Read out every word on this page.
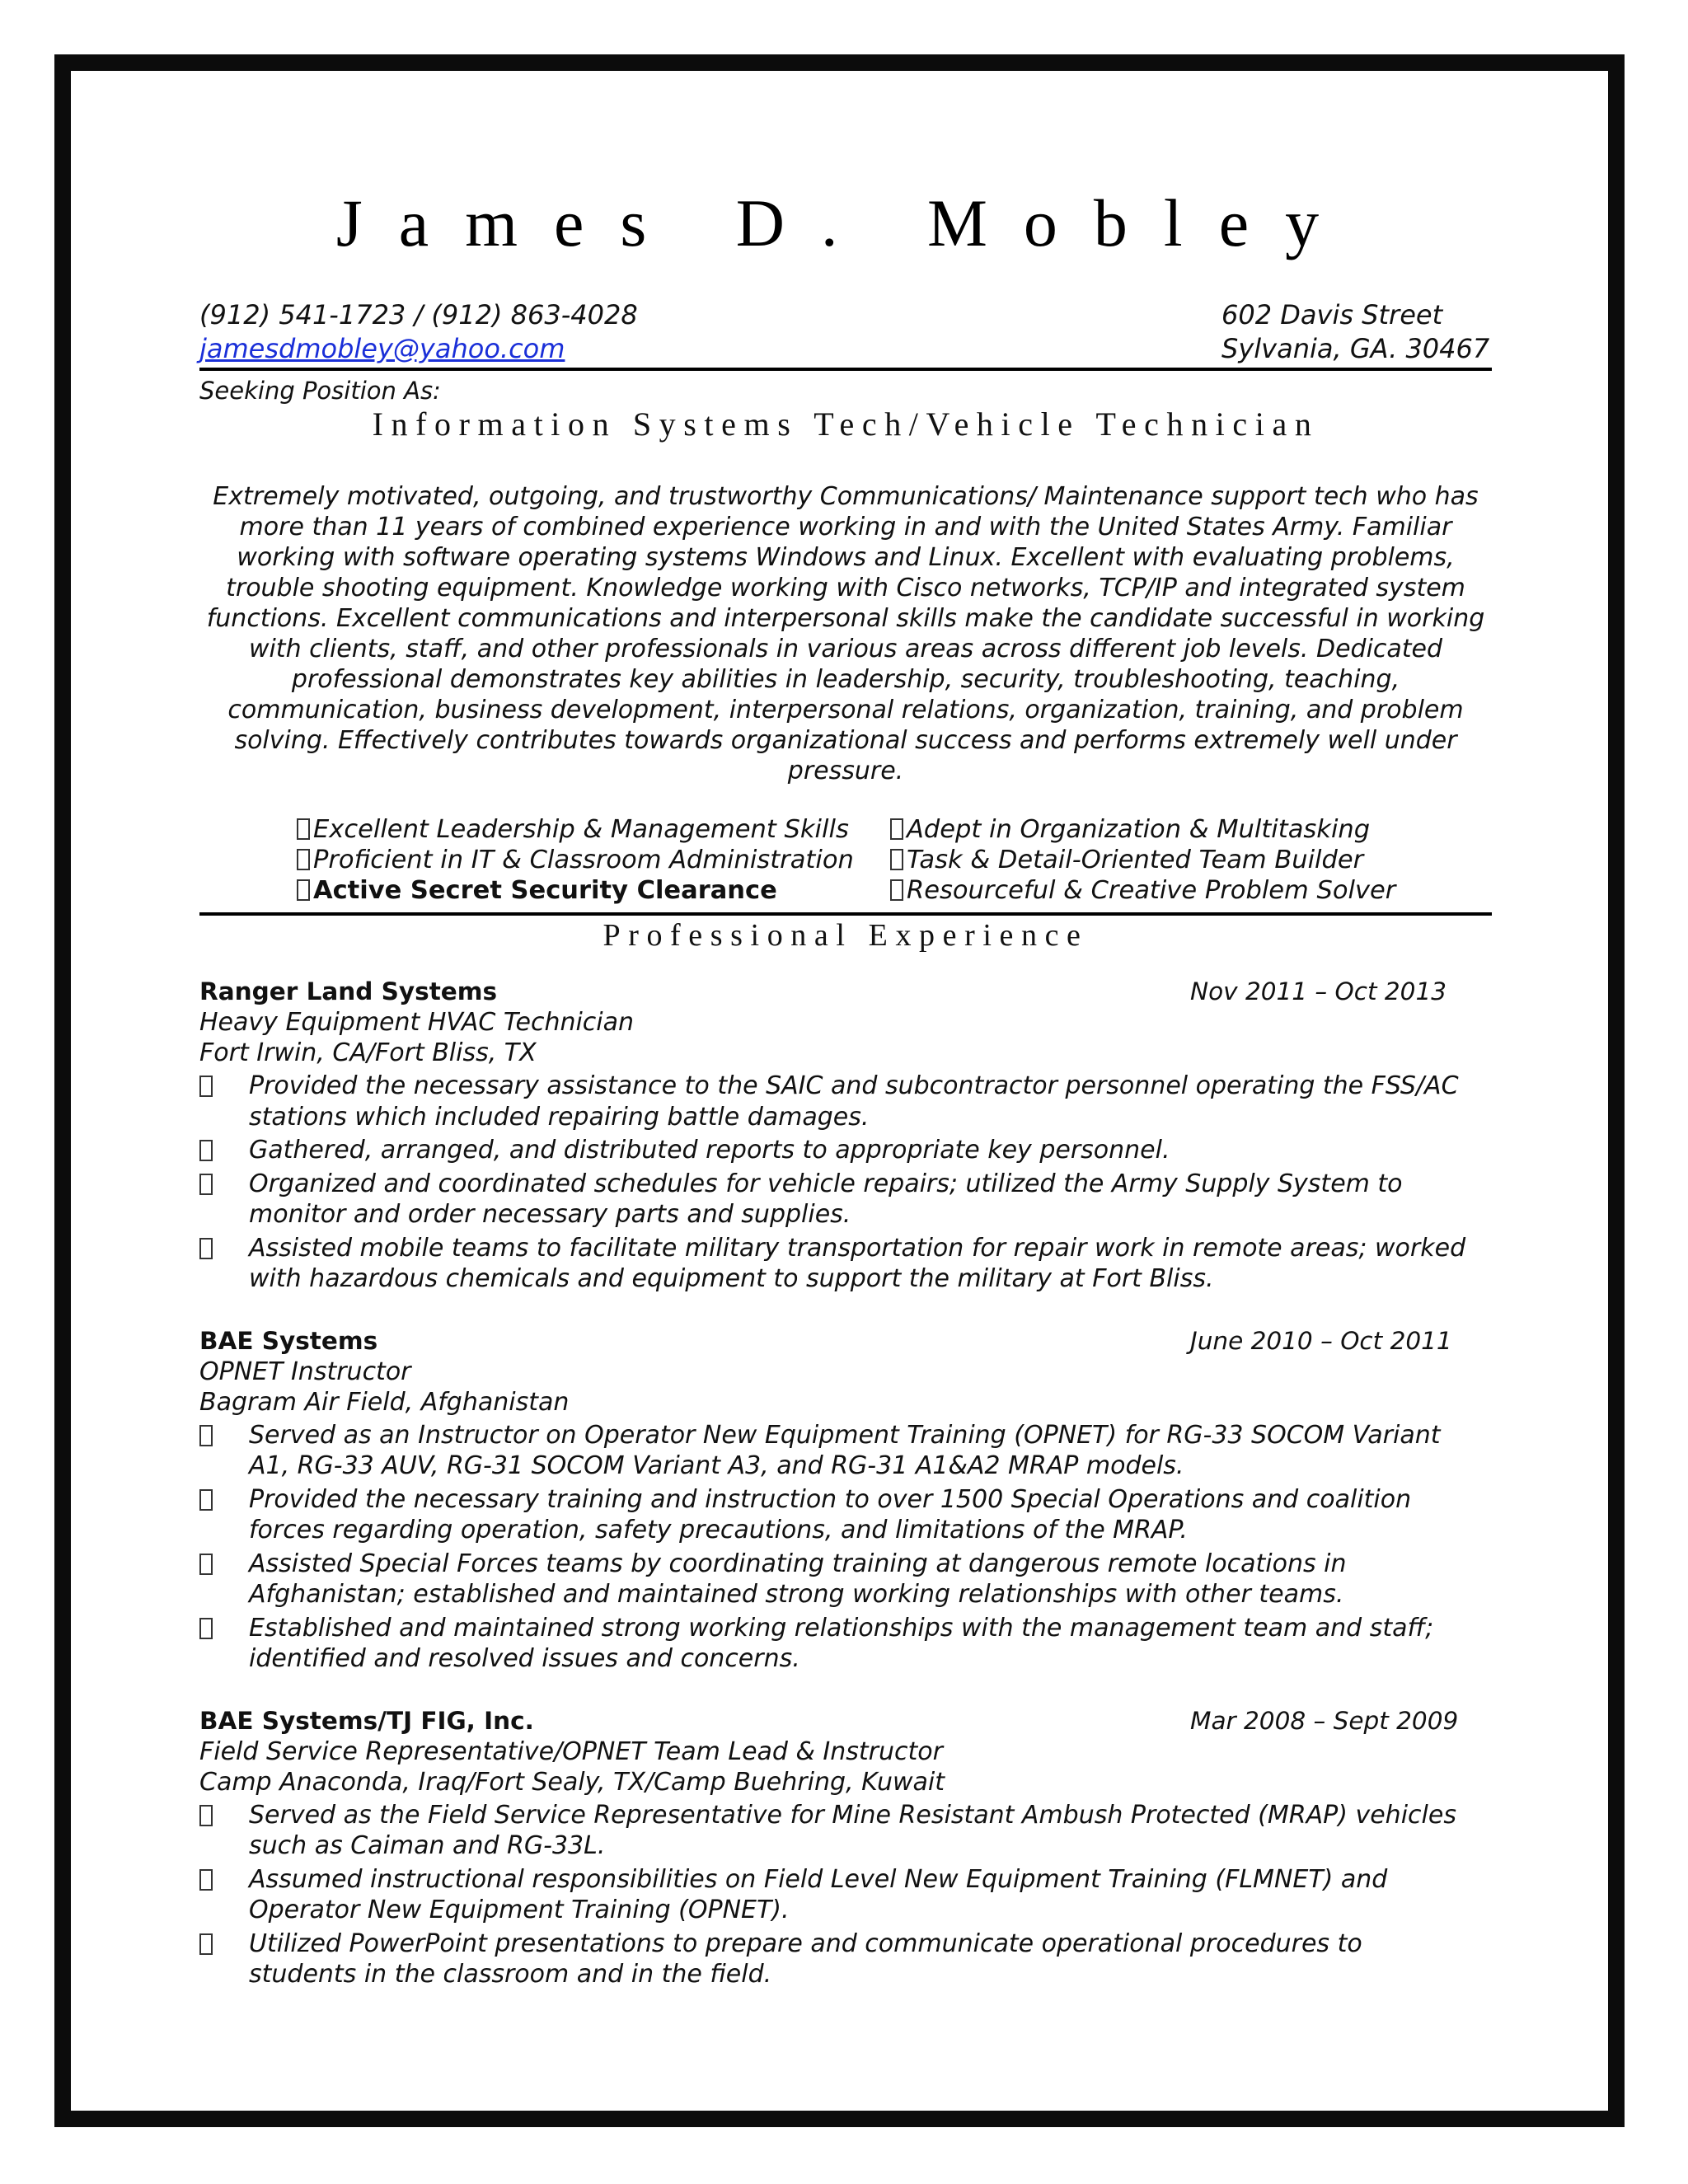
James D. Mobley
(912) 541-1723 / (912) 863-4028
jamesdmobley@yahoo.com
602 Davis Street
Sylvania, GA. 30467
Seeking Position As:
Information Systems Tech/Vehicle Technician
Extremely motivated, outgoing, and trustworthy Communications/ Maintenance support tech who has more than 11 years of combined experience working in and with the United States Army. Familiar working with software operating systems Windows and Linux. Excellent with evaluating problems, trouble shooting equipment. Knowledge working with Cisco networks, TCP/IP and integrated system functions. Excellent communications and interpersonal skills make the candidate successful in working with clients, staff, and other professionals in various areas across different job levels. Dedicated professional demonstrates key abilities in leadership, security, troubleshooting, teaching, communication, business development, interpersonal relations, organization, training, and problem solving. Effectively contributes towards organizational success and performs extremely well under pressure.
Excellent Leadership & Management Skills	Adept in Organization & Multitasking
Proficient in IT & Classroom Administration	Task & Detail-Oriented Team Builder
Active Secret Security Clearance	Resourceful & Creative Problem Solver
Professional Experience
Ranger Land Systems	Nov 2011 – Oct 2013
Heavy Equipment HVAC Technician
Fort Irwin, CA/Fort Bliss, TX
Provided the necessary assistance to the SAIC and subcontractor personnel operating the FSS/AC stations which included repairing battle damages.
Gathered, arranged, and distributed reports to appropriate key personnel.
Organized and coordinated schedules for vehicle repairs; utilized the Army Supply System to monitor and order necessary parts and supplies.
Assisted mobile teams to facilitate military transportation for repair work in remote areas; worked with hazardous chemicals and equipment to support the military at Fort Bliss.
BAE Systems	June 2010 – Oct 2011
OPNET Instructor
Bagram Air Field, Afghanistan
Served as an Instructor on Operator New Equipment Training (OPNET) for RG-33 SOCOM Variant A1, RG-33 AUV, RG-31 SOCOM Variant A3, and RG-31 A1&A2 MRAP models.
Provided the necessary training and instruction to over 1500 Special Operations and coalition forces regarding operation, safety precautions, and limitations of the MRAP.
Assisted Special Forces teams by coordinating training at dangerous remote locations in Afghanistan; established and maintained strong working relationships with other teams.
Established and maintained strong working relationships with the management team and staff; identified and resolved issues and concerns.
BAE Systems/TJ FIG, Inc.	Mar 2008 – Sept 2009
Field Service Representative/OPNET Team Lead & Instructor
Camp Anaconda, Iraq/Fort Sealy, TX/Camp Buehring, Kuwait
Served as the Field Service Representative for Mine Resistant Ambush Protected (MRAP) vehicles such as Caiman and RG-33L.
Assumed instructional responsibilities on Field Level New Equipment Training (FLMNET) and Operator New Equipment Training (OPNET).
Utilized PowerPoint presentations to prepare and communicate operational procedures to students in the classroom and in the field.
